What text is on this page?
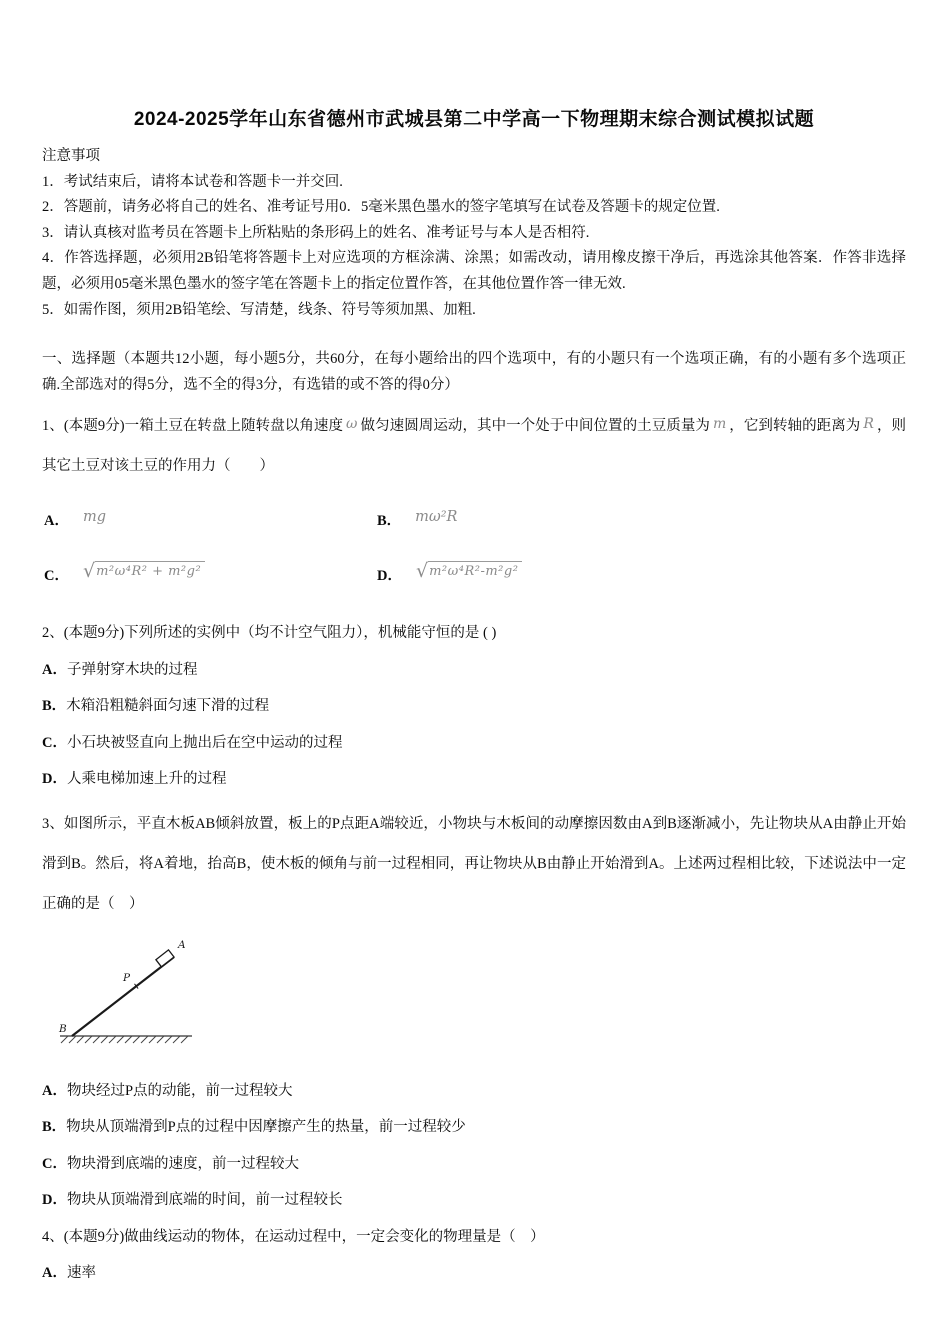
2024-2025学年山东省德州市武城县第二中学高一下物理期末综合测试模拟试题

注意事项

1．考试结束后，请将本试卷和答题卡一并交回.

2．答题前，请务必将自己的姓名、准考证号用0．5毫米黑色墨水的签字笔填写在试卷及答题卡的规定位置.

3．请认真核对监考员在答题卡上所粘贴的条形码上的姓名、准考证号与本人是否相符.

4．作答选择题，必须用2B铅笔将答题卡上对应选项的方框涂满、涂黑；如需改动，请用橡皮擦干净后，再选涂其他答案．作答非选择题，必须用05毫米黑色墨水的签字笔在答题卡上的指定位置作答，在其他位置作答一律无效.

5．如需作图，须用2B铅笔绘、写清楚，线条、符号等须加黑、加粗.

一、选择题（本题共12小题，每小题5分，共60分，在每小题给出的四个选项中，有的小题只有一个选项正确，有的小题有多个选项正确.全部选对的得5分，选不全的得3分，有选错的或不答的得0分）

1、(本题9分)一箱土豆在转盘上随转盘以角速度 ω 做匀速圆周运动，其中一个处于中间位置的土豆质量为 m ，它到转轴的距离为 R ，则其它土豆对该土豆的作用力（　　）

A． mg	B． mω²R
C． √ m²ω⁴R² + m²g²	D． √ m²ω⁴R²-m²g²

2、(本题9分)下列所述的实例中（均不计空气阻力），机械能守恒的是 ( )

A．子弹射穿木块的过程

B．木箱沿粗糙斜面匀速下滑的过程

C．小石块被竖直向上抛出后在空中运动的过程

D．人乘电梯加速上升的过程

3、如图所示，平直木板AB倾斜放置，板上的P点距A端较近，小物块与木板间的动摩擦因数由A到B逐渐减小，先让物块从A由静止开始滑到B。然后，将A着地，抬高B，使木板的倾角与前一过程相同，再让物块从B由静止开始滑到A。上述两过程相比较，下述说法中一定正确的是（　）

A
P
B

A．物块经过P点的动能，前一过程较大

B．物块从顶端滑到P点的过程中因摩擦产生的热量，前一过程较少

C．物块滑到底端的速度，前一过程较大

D．物块从顶端滑到底端的时间，前一过程较长

4、(本题9分)做曲线运动的物体，在运动过程中，一定会变化的物理量是（　）

A．速率
